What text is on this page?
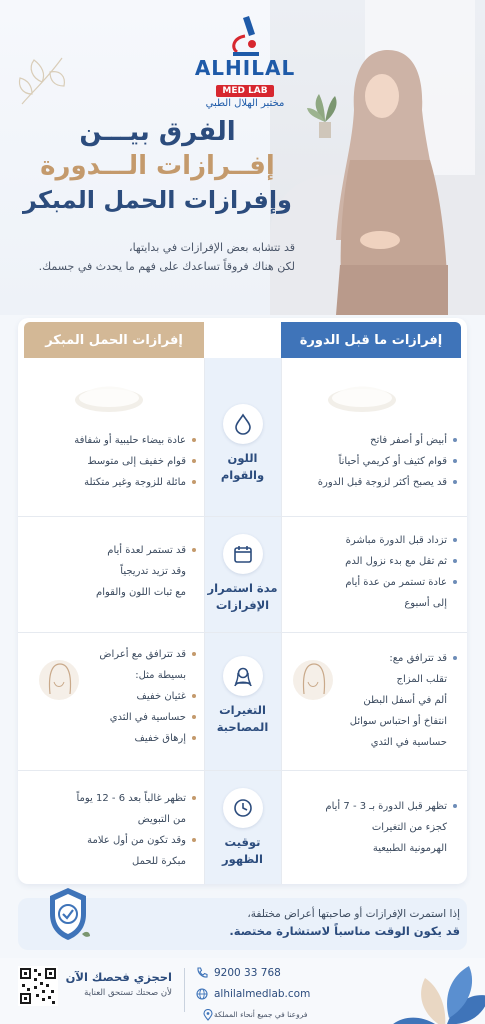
ALHILAL
MED LAB
مختبر الهلال الطبي
الفرق بيـــن
إفــرازات الـــدورة
وإفرازات الحمل المبكر
قد تتشابه بعض الإفرازات في بدايتها،
لكن هناك فروقاً تساعدك على فهم ما يحدث في جسمك.
إفرازات الحمل المبكر	إفرازات ما قبل الدورة
عادة بيضاء حليبية أو شفافة
قوام خفيف إلى متوسط
مائلة للزوجة وغير متكتلة
اللون والقوام
أبيض أو أصفر فاتح
قوام كثيف أو كريمي أحياناً
قد يصبح أكثر لزوجة قبل الدورة
قد تستمر لعدة أيام
وقد تزيد تدريجياً
مع ثبات اللون والقوام	مدة استمرار الإفرازات
تزداد قبل الدورة مباشرة
ثم تقل مع بدء نزول الدم
عادة تستمر من عدة أيام
إلى أسبوع
قد تترافق مع أعراض
بسيطة مثل:
غثيان خفيف
حساسية في الثدي
إرهاق خفيف
التغيرات المصاحبة
قد تترافق مع:
تقلب المزاج
ألم في أسفل البطن
انتفاخ أو احتباس سوائل
حساسية في الثدي
تظهر غالباً بعد 6 - 12 يوماً
من التبويض
وقد تكون من أول علامة
مبكرة للحمل
توقيت الظهور
تظهر قبل الدورة بـ 3 - 7 أيام
كجزء من التغيرات
الهرمونية الطبيعية
إذا استمرت الإفرازات أو صاحبتها أعراض مختلفة،
قد يكون الوقت مناسباً لاستشارة مختصة.
احجزي فحصك الآن
لأن صحتك تستحق العناية
9200 33 768
alhilalmedlab.com
فروعنا في جميع أنحاء المملكة
